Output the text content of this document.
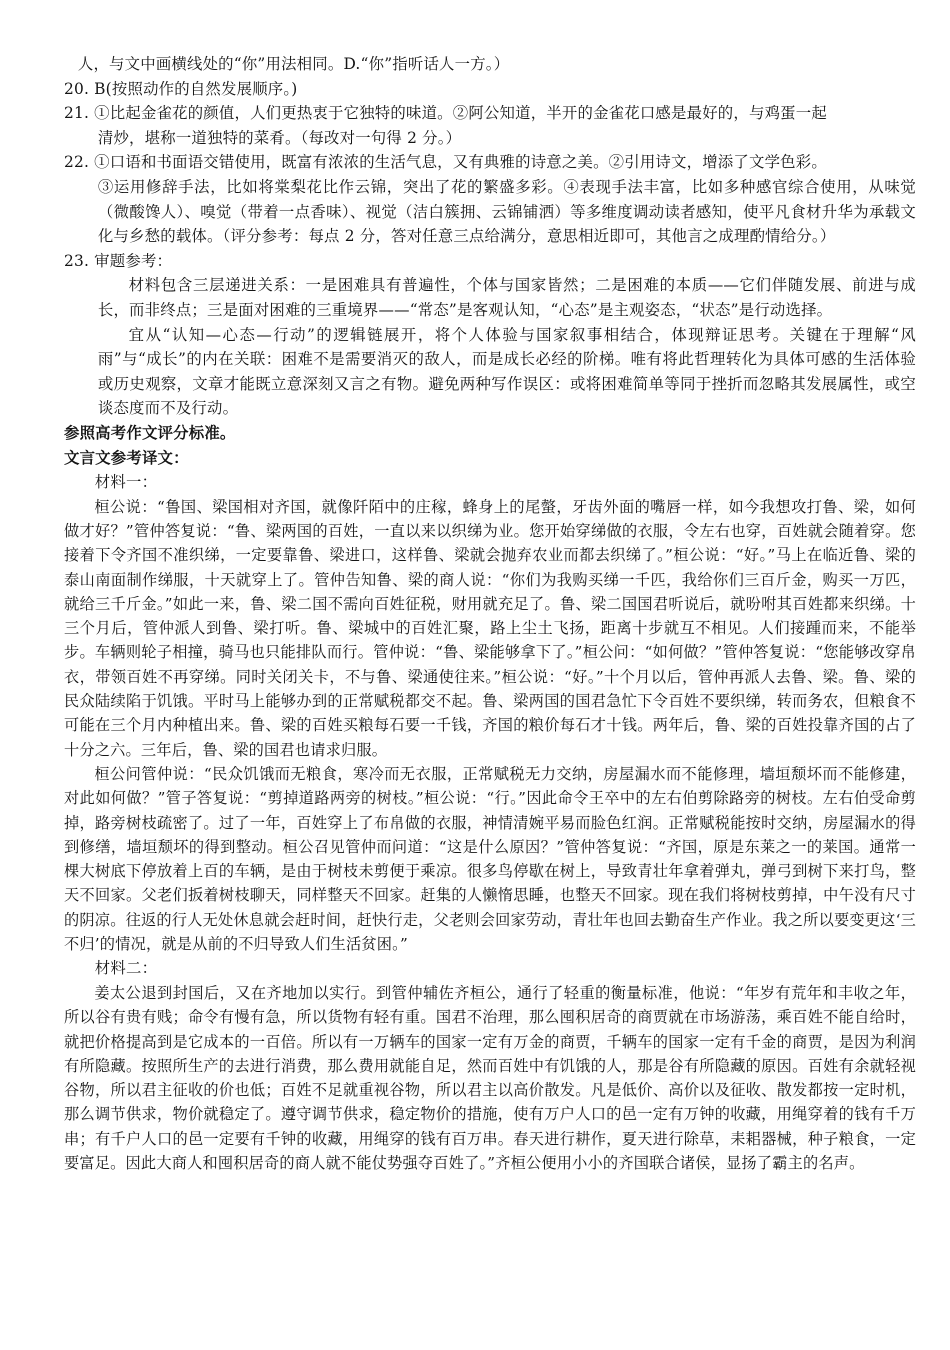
人，与文中画横线处的“你”用法相同。D.“你”指听话人一方。）

20. B(按照动作的自然发展顺序。)

21. ①比起金雀花的颜值，人们更热衷于它独特的味道。②阿公知道，半开的金雀花口感是最好的，与鸡蛋一起

清炒，堪称一道独特的菜肴。（每改对一句得 2 分。）

22. ①口语和书面语交错使用，既富有浓浓的生活气息，又有典雅的诗意之美。②引用诗文，增添了文学色彩。

③运用修辞手法，比如将棠梨花比作云锦，突出了花的繁盛多彩。④表现手法丰富，比如多种感官综合使用，从味觉（微酸馋人）、嗅觉（带着一点香味）、视觉（洁白簇拥、云锦铺洒）等多维度调动读者感知，使平凡食材升华为承载文化与乡愁的载体。（评分参考：每点 2 分，答对任意三点给满分，意思相近即可，其他言之成理酌情给分。）

23. 审题参考：

材料包含三层递进关系：一是困难具有普遍性，个体与国家皆然；二是困难的本质——它们伴随发展、前进与成长，而非终点；三是面对困难的三重境界——“常态”是客观认知，“心态”是主观姿态，“状态”是行动选择。

宜从“认知—心态—行动”的逻辑链展开，将个人体验与国家叙事相结合，体现辩证思考。关键在于理解“风雨”与“成长”的内在关联：困难不是需要消灭的敌人，而是成长必经的阶梯。唯有将此哲理转化为具体可感的生活体验或历史观察，文章才能既立意深刻又言之有物。避免两种写作误区：或将困难简单等同于挫折而忽略其发展属性，或空谈态度而不及行动。

参照高考作文评分标准。

文言文参考译文：

材料一：

桓公说：“鲁国、梁国相对齐国，就像阡陌中的庄稼，蜂身上的尾螫，牙齿外面的嘴唇一样，如今我想攻打鲁、梁，如何做才好？”管仲答复说：“鲁、梁两国的百姓，一直以来以织绨为业。您开始穿绨做的衣服，令左右也穿，百姓就会随着穿。您接着下令齐国不准织绨，一定要靠鲁、梁进口，这样鲁、梁就会抛弃农业而都去织绨了。”桓公说：“好。”马上在临近鲁、梁的泰山南面制作绨服，十天就穿上了。管仲告知鲁、梁的商人说：“你们为我购买绨一千匹，我给你们三百斤金，购买一万匹，就给三千斤金。”如此一来，鲁、梁二国不需向百姓征税，财用就充足了。鲁、梁二国国君听说后，就吩咐其百姓都来织绨。十三个月后，管仲派人到鲁、梁打听。鲁、梁城中的百姓汇聚，路上尘土飞扬，距离十步就互不相见。人们接踵而来，不能举步。车辆则轮子相撞，骑马也只能排队而行。管仲说：“鲁、梁能够拿下了。”桓公问：“如何做？”管仲答复说：“您能够改穿帛衣，带领百姓不再穿绨。同时关闭关卡，不与鲁、梁通使往来。”桓公说：“好。”十个月以后，管仲再派人去鲁、梁。鲁、梁的民众陆续陷于饥饿。平时马上能够办到的正常赋税都交不起。鲁、梁两国的国君急忙下令百姓不要织绨，转而务农，但粮食不可能在三个月内种植出来。鲁、梁的百姓买粮每石要一千钱，齐国的粮价每石才十钱。两年后，鲁、梁的百姓投靠齐国的占了十分之六。三年后，鲁、梁的国君也请求归服。

桓公问管仲说：“民众饥饿而无粮食，寒冷而无衣服，正常赋税无力交纳，房屋漏水而不能修理，墙垣颓坏而不能修建，对此如何做？”管子答复说：“剪掉道路两旁的树枝。”桓公说：“行。”因此命令王卒中的左右伯剪除路旁的树枝。左右伯受命剪掉，路旁树枝疏密了。过了一年，百姓穿上了布帛做的衣服，神情清婉平易而脸色红润。正常赋税能按时交纳，房屋漏水的得到修缮，墙垣颓坏的得到整动。桓公召见管仲而问道：“这是什么原因？”管仲答复说：“齐国，原是东莱之一的莱国。通常一棵大树底下停放着上百的车辆，是由于树枝未剪便于乘凉。很多鸟停歇在树上，导致青壮年拿着弹丸，弹弓到树下来打鸟，整天不回家。父老们扳着树枝聊天，同样整天不回家。赶集的人懒惰思睡，也整天不回家。现在我们将树枝剪掉，中午没有尺寸的阴凉。往返的行人无处休息就会赶时间，赶快行走，父老则会回家劳动，青壮年也回去勤奋生产作业。我之所以要变更这‘三不归’的情况，就是从前的不归导致人们生活贫困。”

材料二：

姜太公退到封国后，又在齐地加以实行。到管仲辅佐齐桓公，通行了轻重的衡量标准，他说：“年岁有荒年和丰收之年，所以谷有贵有贱；命令有慢有急，所以货物有轻有重。国君不治理，那么囤积居奇的商贾就在市场游荡，乘百姓不能自给时，就把价格提高到是它成本的一百倍。所以有一万辆车的国家一定有万金的商贾，千辆车的国家一定有千金的商贾，是因为利润有所隐藏。按照所生产的去进行消费，那么费用就能自足，然而百姓中有饥饿的人，那是谷有所隐藏的原因。百姓有余就轻视谷物，所以君主征收的价也低；百姓不足就重视谷物，所以君主以高价散发。凡是低价、高价以及征收、散发都按一定时机，那么调节供求，物价就稳定了。遵守调节供求，稳定物价的措施，使有万户人口的邑一定有万钟的收藏，用绳穿着的钱有千万串；有千户人口的邑一定要有千钟的收藏，用绳穿的钱有百万串。春天进行耕作，夏天进行除草，耒耜器械，种子粮食，一定要富足。因此大商人和囤积居奇的商人就不能仗势强夺百姓了。”齐桓公便用小小的齐国联合诸侯，显扬了霸主的名声。
